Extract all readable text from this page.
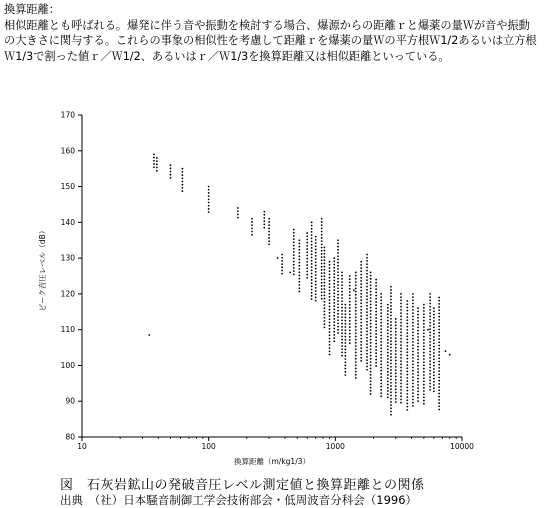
換算距離：

相似距離とも呼ばれる。爆発に伴う音や振動を検討する場合、爆源からの距離ｒと爆薬の量Ｗが音や振動

の大きさに関与する。これらの事象の相似性を考慮して距離ｒを爆薬の量Ｗの平方根Ｗ1/2あるいは立方根

Ｗ1/3で割った値ｒ／Ｗ1/2、あるいはｒ／Ｗ1/3を換算距離又は相似距離といっている。

80
90
100
110
120
130
140
150
160
170
10	100	1000	10000
ピーク音圧レベル（dB）
換算距離（m/kg1/3）
図　石灰岩鉱山の発破音圧レベル測定値と換算距離との関係
出典　（社）日本騒音制御工学会技術部会・低周波音分科会（1996）
